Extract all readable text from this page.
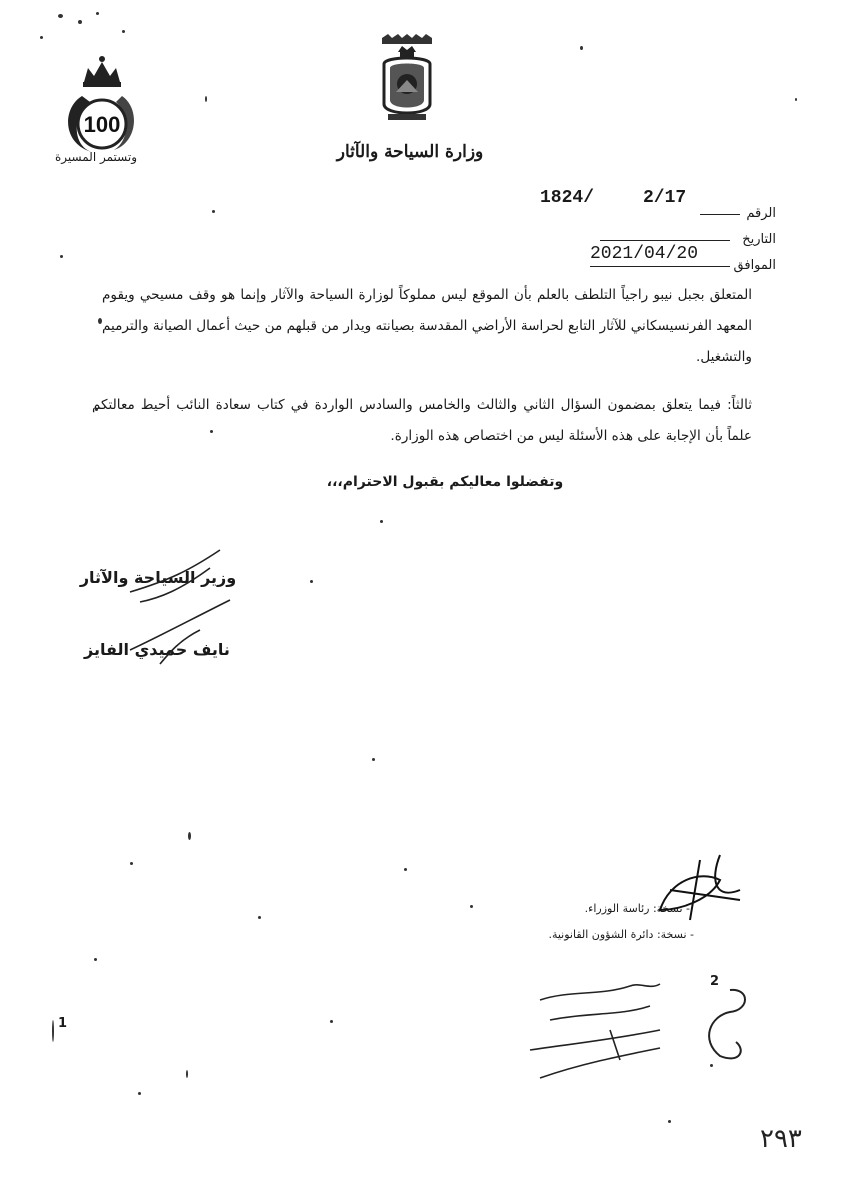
100
وتستمر المسيرة	وزارة السياحة والآثار
الرقم
التاريخ
الموافق
1824/	2/17
2021/04/20
المتعلق بجبل نيبو راجياً التلطف بالعلم بأن الموقع ليس مملوكاً لوزارة السياحة والآثار وإنما هو وقف مسيحي ويقوم المعهد الفرنسيسكاني للآثار التابع لحراسة الأراضي المقدسة بصيانته ويدار من قبلهم من حيث أعمال الصيانة والترميم والتشغيل.
ثالثاً: فيما يتعلق بمضمون السؤال الثاني والثالث والخامس والسادس الواردة في كتاب سعادة النائب أحيط معالتكم علماً بأن الإجابة على هذه الأسئلة ليس من اختصاص هذه الوزارة.
وتفضلوا معاليكم بقبول الاحترام،،،
وزير السياحة والآثار
نايف حميدي الفايز
- نسخة: رئاسة الوزراء.
- نسخة: دائرة الشؤون القانونية.
1
2
٢٩٣
